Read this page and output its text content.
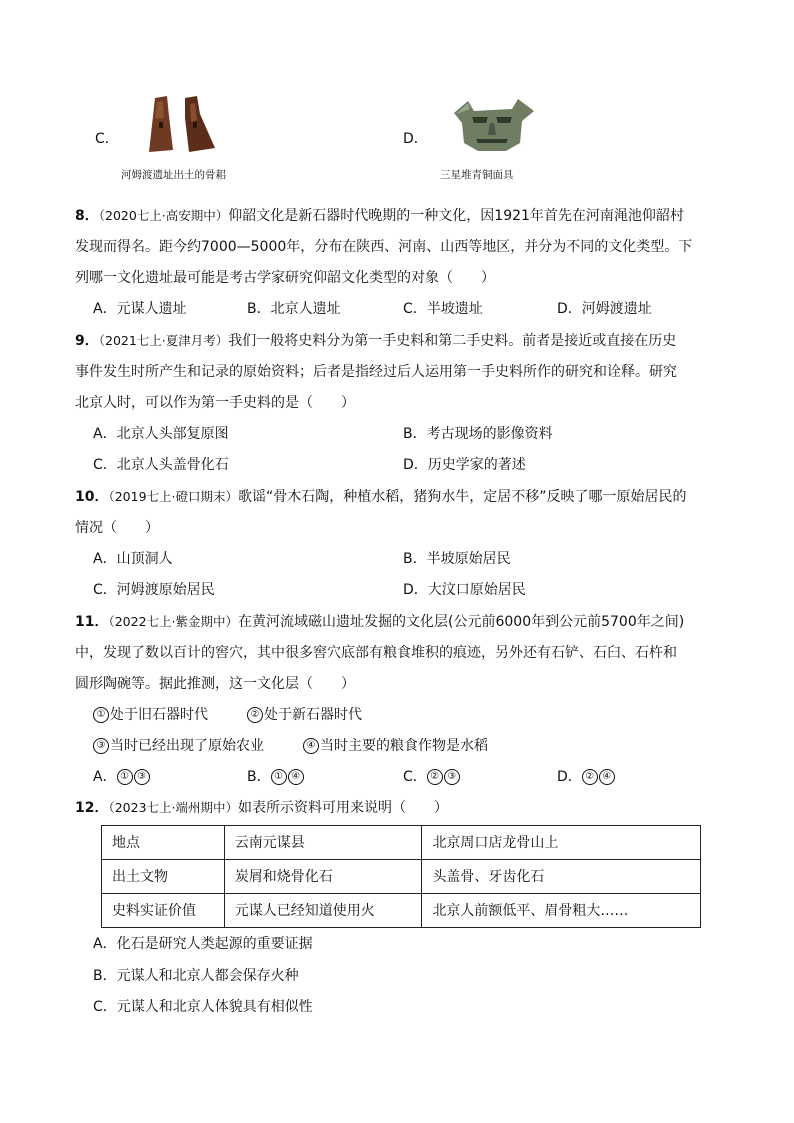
C．
河姆渡遗址出土的骨耜
D．
三星堆青铜面具
8．（2020七上·高安期中）仰韶文化是新石器时代晚期的一种文化，因1921年首先在河南渑池仰韶村
发现而得名。距今约7000—5000年，分布在陕西、河南、山西等地区，并分为不同的文化类型。下
列哪一文化遗址最可能是考古学家研究仰韶文化类型的对象（　　）
A．元谋人遗址	B．北京人遗址	C．半坡遗址	D．河姆渡遗址
9．（2021七上·夏津月考）我们一般将史料分为第一手史料和第二手史料。前者是接近或直接在历史
事件发生时所产生和记录的原始资料；后者是指经过后人运用第一手史料所作的研究和诠释。研究
北京人时，可以作为第一手史料的是（　　）
A．北京人头部复原图	B．考古现场的影像资料
C．北京人头盖骨化石	D．历史学家的著述
10．（2019七上·磴口期末）歌谣“骨木石陶，种植水稻，猪狗水牛，定居不移”反映了哪一原始居民的
情况（　　）
A．山顶洞人	B．半坡原始居民
C．河姆渡原始居民	D．大汶口原始居民
11．（2022七上·紫金期中）在黄河流域磁山遗址发掘的文化层(公元前6000年到公元前5700年之间)
中，发现了数以百计的窖穴，其中很多窖穴底部有粮食堆积的痕迹，另外还有石铲、石臼、石杵和
圆形陶碗等。据此推测，这一文化层（　　）
① 处于旧石器时代	② 处于新石器时代
③ 当时已经出现了原始农业	④ 当时主要的粮食作物是水稻
A． ① ③	B． ① ④	C． ② ③	D． ② ④
12．（2023七上·端州期中）如表所示资料可用来说明（　　）
地点	云南元谋县	北京周口店龙骨山上
出土文物	炭屑和烧骨化石	头盖骨、牙齿化石
史料实证价值	元谋人已经知道使用火	北京人前额低平、眉骨粗大……
A．化石是研究人类起源的重要证据
B．元谋人和北京人都会保存火种
C．元谋人和北京人体貌具有相似性
